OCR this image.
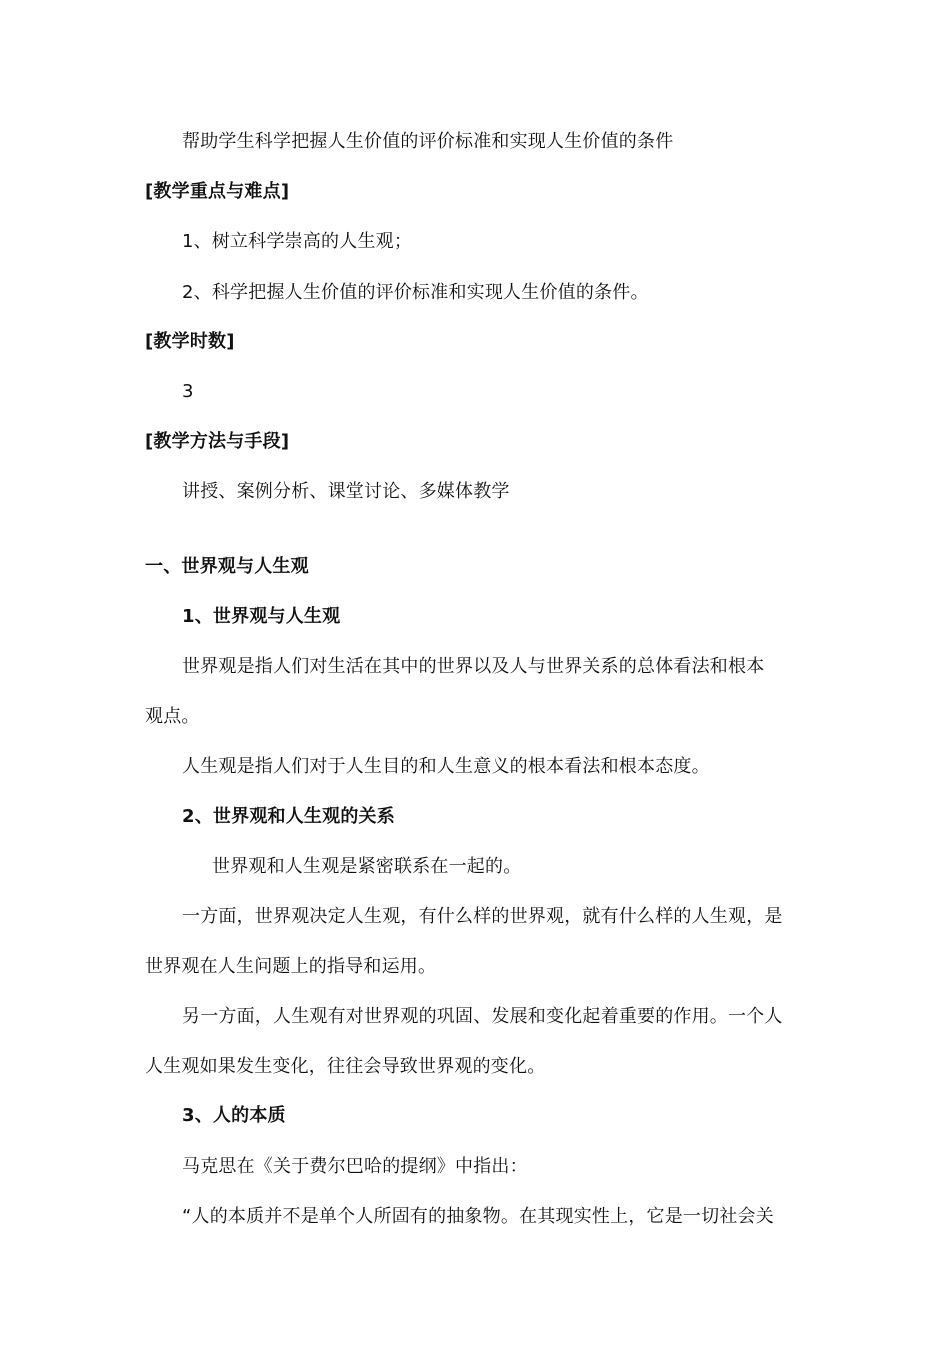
帮助学生科学把握人生价值的评价标准和实现人生价值的条件
[教学重点与难点]
1、树立科学崇高的人生观；
2、科学把握人生价值的评价标准和实现人生价值的条件。
[教学时数]
3
[教学方法与手段]
讲授、案例分析、课堂讨论、多媒体教学
一、世界观与人生观
1、世界观与人生观
世界观是指人们对生活在其中的世界以及人与世界关系的总体看法和根本
观点。
人生观是指人们对于人生目的和人生意义的根本看法和根本态度。
2、世界观和人生观的关系
世界观和人生观是紧密联系在一起的。
一方面，世界观决定人生观，有什么样的世界观，就有什么样的人生观，是
世界观在人生问题上的指导和运用。
另一方面，人生观有对世界观的巩固、发展和变化起着重要的作用。一个人
人生观如果发生变化，往往会导致世界观的变化。
3、人的本质
马克思在《关于费尔巴哈的提纲》中指出：
“人的本质并不是单个人所固有的抽象物。在其现实性上，它是一切社会关
